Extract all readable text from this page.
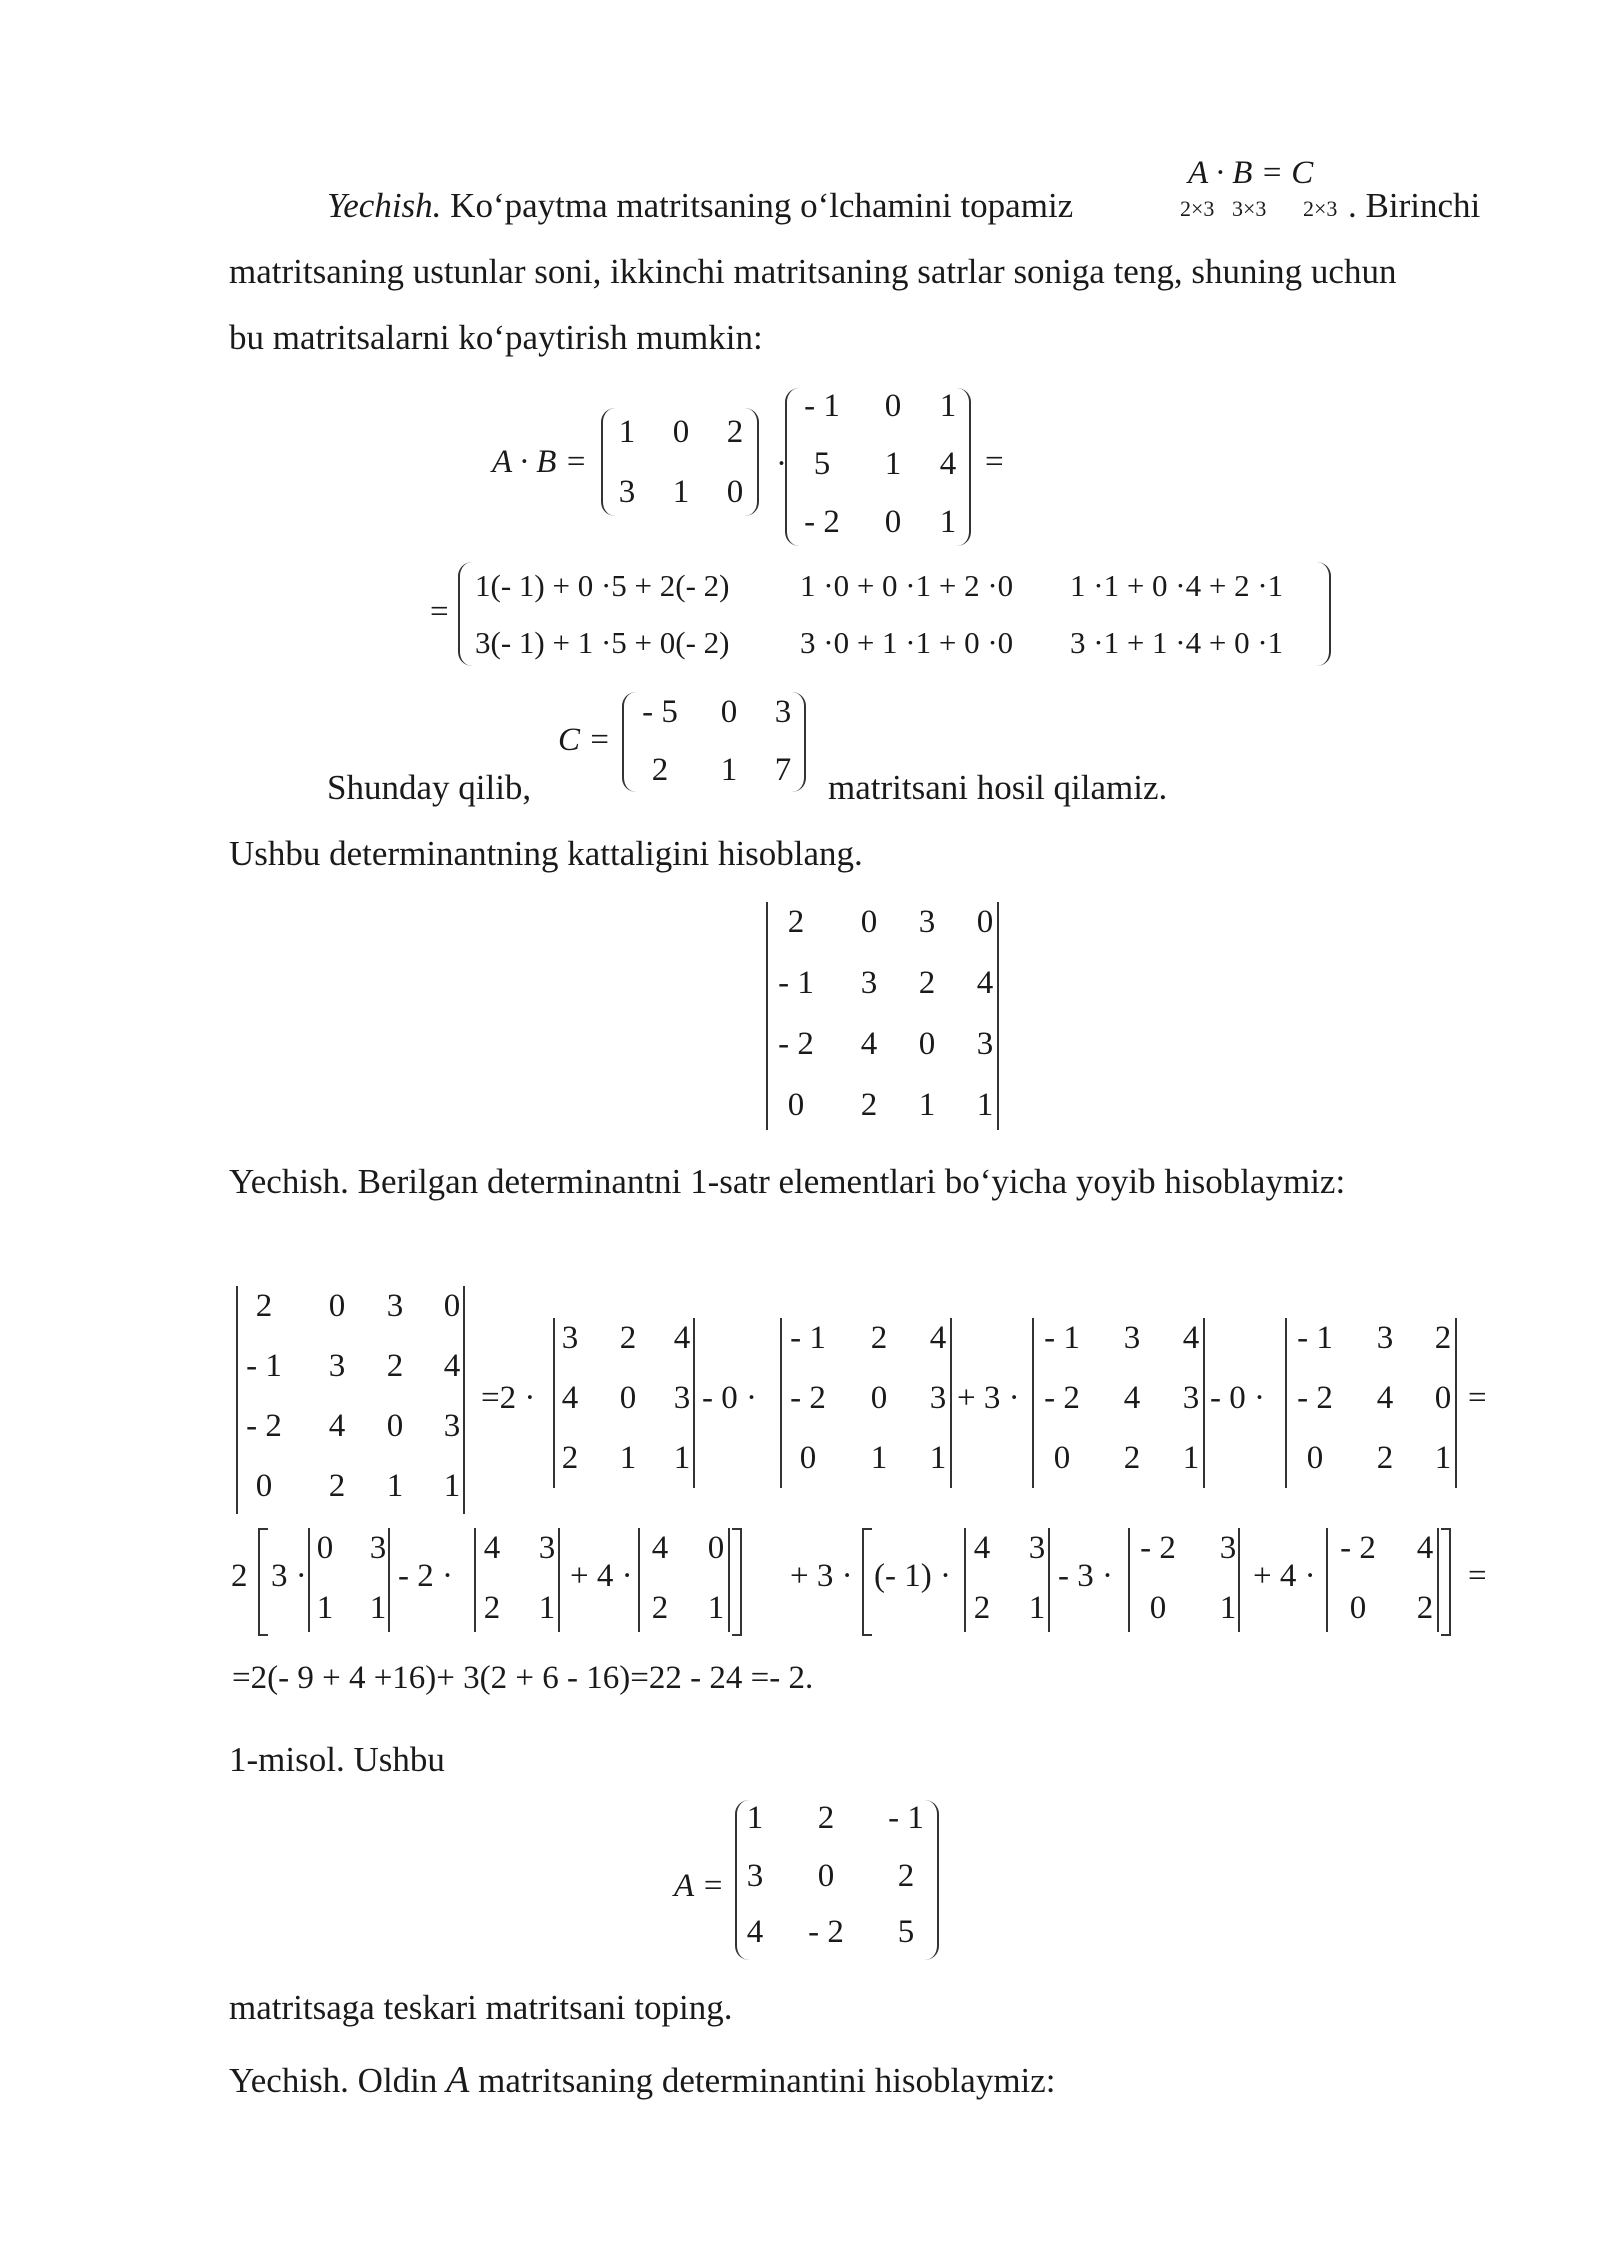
A · B = C
2×3 3×3 2×3
Yechish. Ko‘paytma matritsaning o‘lchamini topamiz	. Birinchi
matritsaning ustunlar soni, ikkinchi matritsaning satrlar soniga teng, shuning uchun
bu matritsalarni ko‘paytirish mumkin:
A · B =
1 0 2
3 1 0
·
- 1 0 1
5 1 4
- 2 0 1
=
=
1(- 1) + 0 ·5 + 2(- 2) 1 ·0 + 0 ·1 + 2 ·0 1 ·1 + 0 ·4 + 2 ·1
3(- 1) + 1 ·5 + 0(- 2) 3 ·0 + 1 ·1 + 0 ·0 3 ·1 + 1 ·4 + 0 ·1
C =
- 5 0 3
2 1 7
Shunday qilib,	matritsani hosil qilamiz.
Ushbu determinantning kattaligini hisoblang.
2 0 3 0
- 1 3 2 4
- 2 4 0 3
0 2 1 1
Yechish. Berilgan determinantni 1-satr elementlari bo‘yicha yoyib hisoblaymiz:
2 0 3 0
- 1 3 2 4
- 2 4 0 3
0 2 1 1
=2 ·
3 2 4
4 0 3
2 1 1
- 0 ·
- 1 2 4
- 2 0 3
0 1 1
+ 3 ·
- 1 3 4
- 2 4 3
0 2 1
- 0 ·
- 1 3 2
- 2 4 0
0 2 1
=
2 3 ·
0 3
1 1
- 2 ·
4 3
2 1
+ 4 ·
4 0
2 1
+ 3 · (- 1) ·
4 3
2 1
- 3 ·
- 2 3
0 1
+ 4 ·
- 2 4
0 2
=
=2(- 9 + 4 +16)+ 3(2 + 6 - 16)=22 - 24 =- 2.
1-misol. Ushbu
A =
1 2 - 1
3 0 2
4 - 2 5
matritsaga teskari matritsani toping.
Yechish. Oldin A matritsaning determinantini hisoblaymiz:
